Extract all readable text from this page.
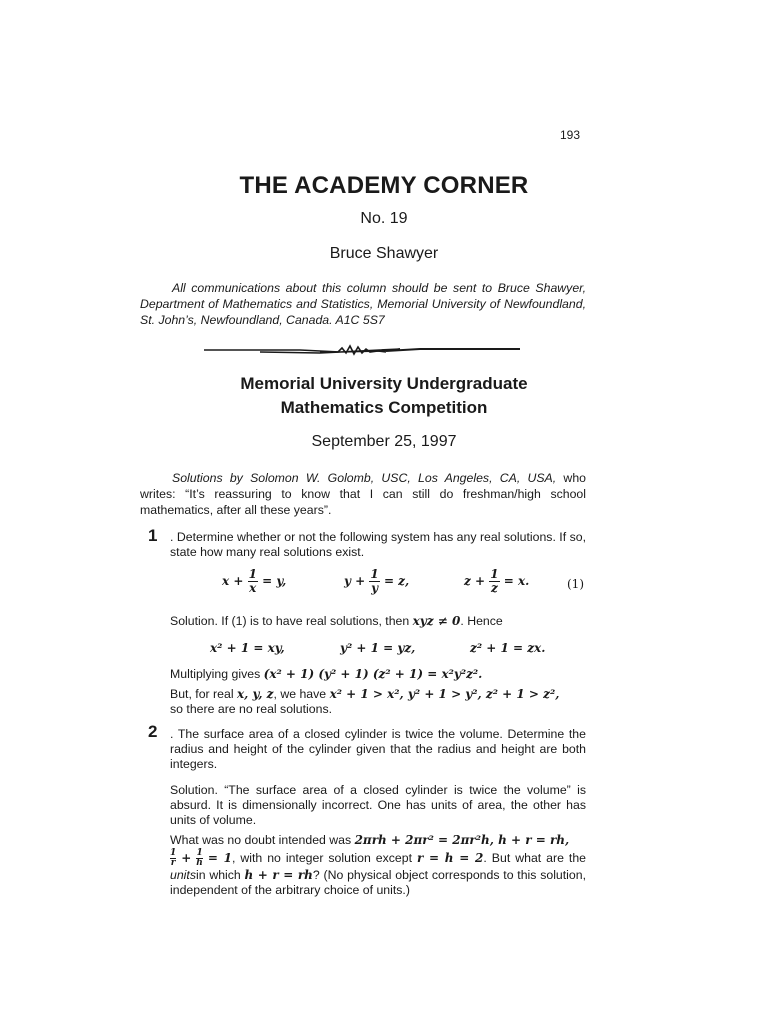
193
THE ACADEMY CORNER
No. 19
Bruce Shawyer
All communications about this column should be sent to Bruce Shawyer, Department of Mathematics and Statistics, Memorial University of Newfoundland, St. John’s, Newfoundland, Canada. A1C 5S7
Memorial University Undergraduate
Mathematics Competition
September 25, 1997
Solutions by Solomon W. Golomb, USC, Los Angeles, CA, USA, who writes: “It’s reassuring to know that I can still do freshman/high school mathematics, after all these years”.
1 . Determine whether or not the following system has any real solutions. If so, state how many real solutions exist.
$x + \frac{1}{x} = y$,	$y + \frac{1}{y} = z$,	$z + \frac{1}{z} = x$.	(1)
Solution. If (1) is to have real solutions, then xyz ≠ 0. Hence
x² + 1 = xy,	y² + 1 = yz,	z² + 1 = zx.
Multiplying gives (x² + 1) (y² + 1) (z² + 1) = x²y²z².
But, for real x, y, z, we have x² + 1 > x², y² + 1 > y², z² + 1 > z²,
so there are no real solutions.
2 . The surface area of a closed cylinder is twice the volume. Determine the radius and height of the cylinder given that the radius and height are both integers.
Solution. “The surface area of a closed cylinder is twice the volume” is absurd. It is dimensionally incorrect. One has units of area, the other has units of volume.
What was no doubt intended was 2πrh + 2πr² = 2πr²h, h + r = rh,
$\frac{1}{r} + \frac{1}{h} = 1$, with no integer solution except r = h = 2. But what are the unitsin which h + r = rh? (No physical object corresponds to this solution, independent of the arbitrary choice of units.)
